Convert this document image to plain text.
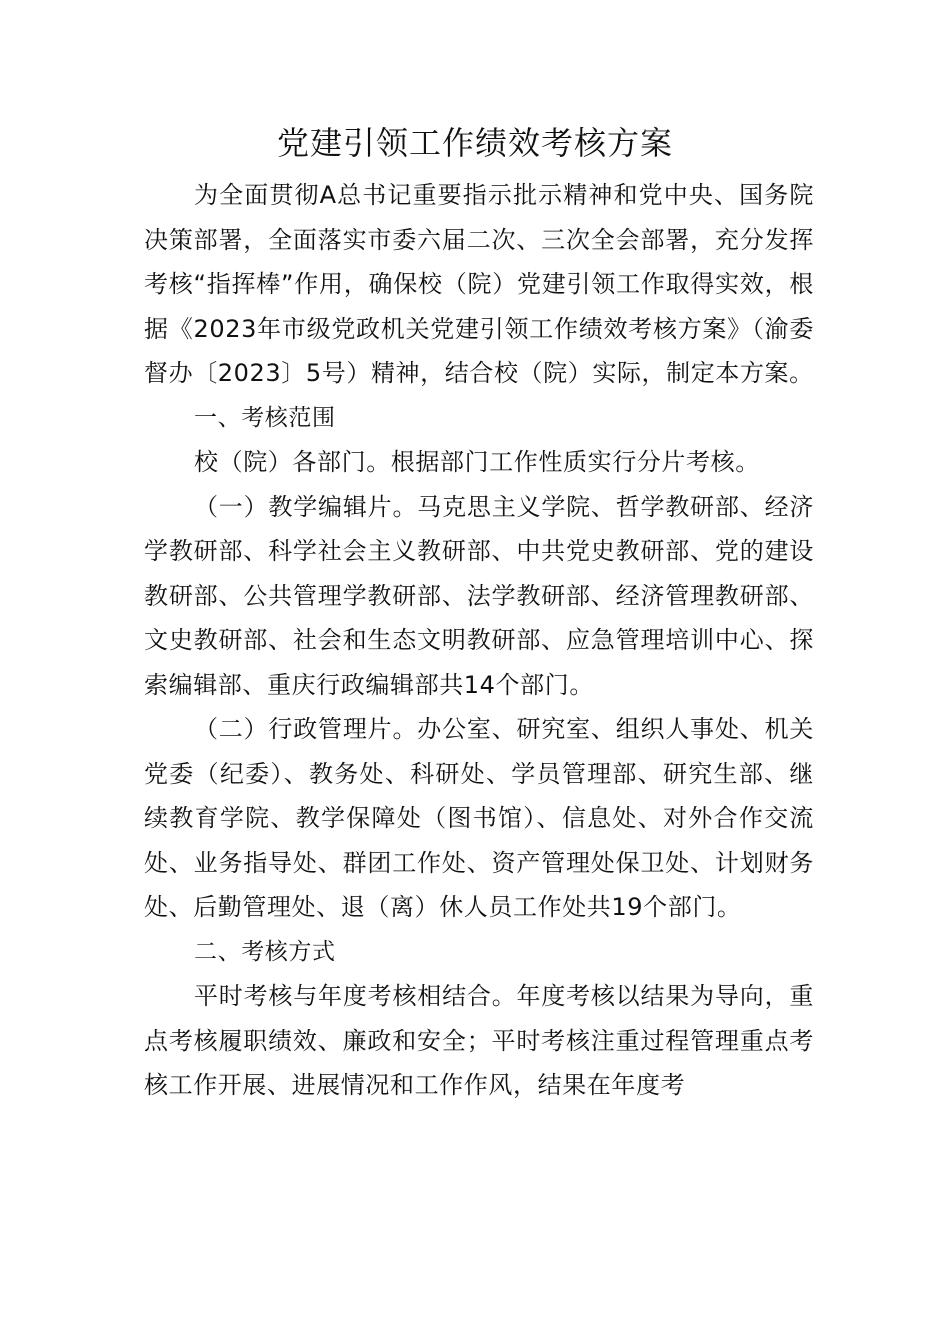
党建引领工作绩效考核方案

为全面贯彻A总书记重要指示批示精神和党中央、国务院决策部署，全面落实市委六届二次、三次全会部署，充分发挥考核“指挥棒”作用，确保校（院）党建引领工作取得实效，根据《2023年市级党政机关党建引领工作绩效考核方案》（渝委督办〔2023〕5号）精神，结合校（院）实际，制定本方案。

一、考核范围

校（院）各部门。根据部门工作性质实行分片考核。

（一）教学编辑片。马克思主义学院、哲学教研部、经济学教研部、科学社会主义教研部、中共党史教研部、党的建设教研部、公共管理学教研部、法学教研部、经济管理教研部、文史教研部、社会和生态文明教研部、应急管理培训中心、探索编辑部、重庆行政编辑部共14个部门。

（二）行政管理片。办公室、研究室、组织人事处、机关党委（纪委）、教务处、科研处、学员管理部、研究生部、继续教育学院、教学保障处（图书馆）、信息处、对外合作交流处、业务指导处、群团工作处、资产管理处保卫处、计划财务处、后勤管理处、退（离）休人员工作处共19个部门。

二、考核方式

平时考核与年度考核相结合。年度考核以结果为导向，重点考核履职绩效、廉政和安全；平时考核注重过程管理重点考核工作开展、进展情况和工作作风，结果在年度考
